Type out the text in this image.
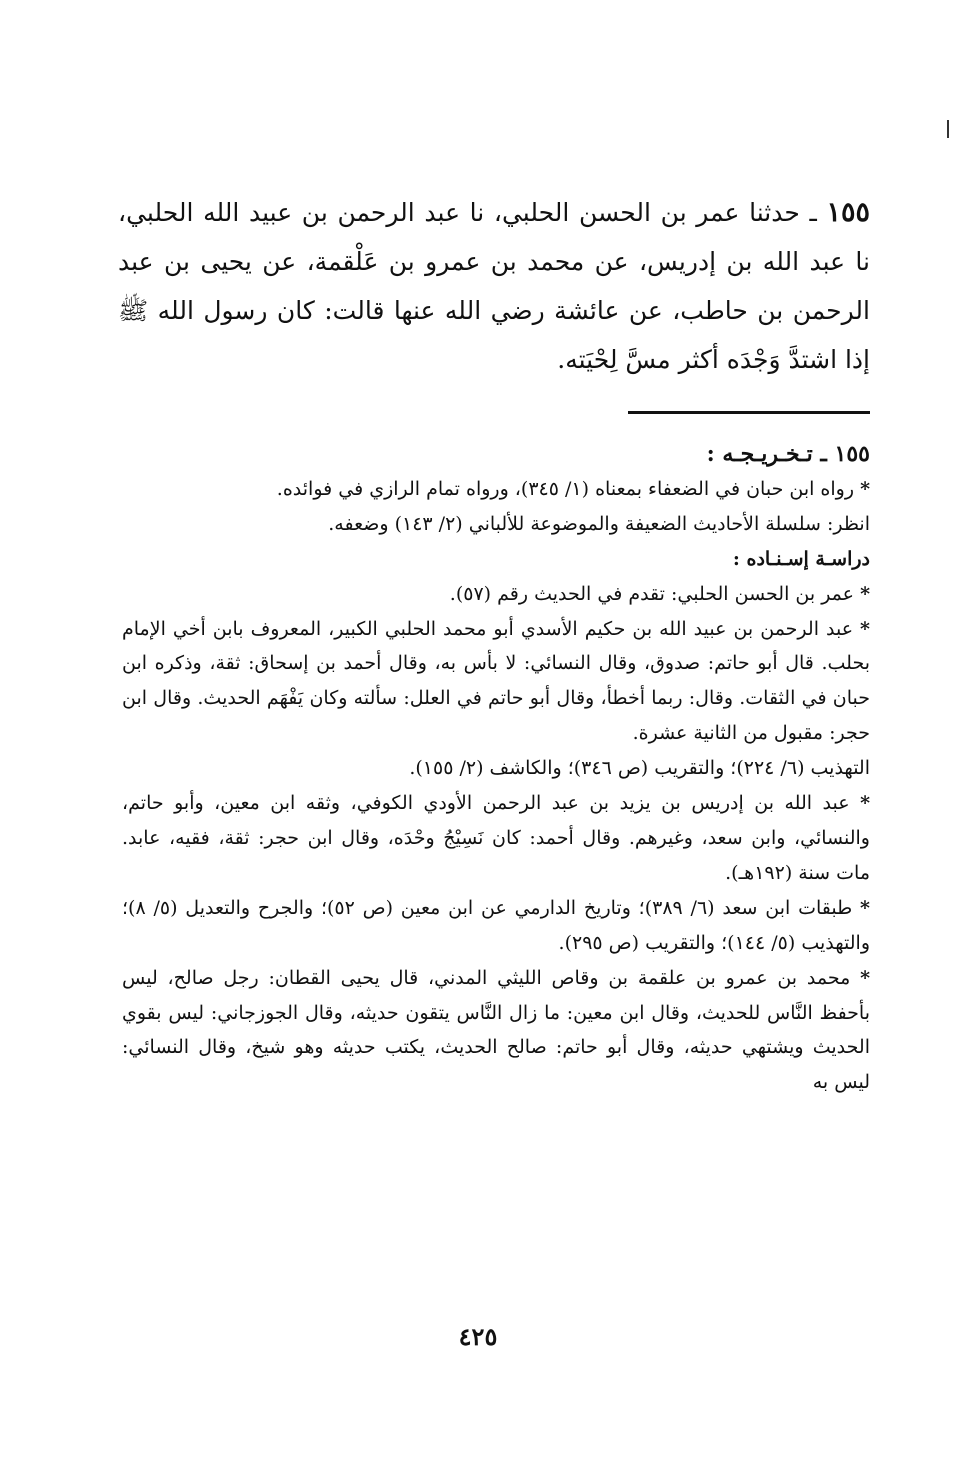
١٥٥ ـ حدثنا عمر بن الحسن الحلبي، نا عبد الرحمن بن عبيد الله الحلبي، نا عبد الله بن إدريس، عن محمد بن عمرو بن عَلْقمة، عن يحيى بن عبد الرحمن بن حاطب، عن عائشة رضي الله عنها قالت: كان رسول الله ﷺ إذا اشتدَّ وَجْدَه أكثر مسَّ لِحْيَته.

١٥٥ ـ تـخـريـجـه :

* رواه ابن حبان في الضعفاء بمعناه (١/ ٣٤٥)، ورواه تمام الرازي في فوائده.

انظر: سلسلة الأحاديث الضعيفة والموضوعة للألباني (٢/ ١٤٣) وضعفه.

دراسـة إسـنـاده :

* عمر بن الحسن الحلبي: تقدم في الحديث رقم (٥٧).

* عبد الرحمن بن عبيد الله بن حكيم الأسدي أبو محمد الحلبي الكبير، المعروف بابن أخي الإمام بحلب. قال أبو حاتم: صدوق، وقال النسائي: لا بأس به، وقال أحمد بن إسحاق: ثقة، وذكره ابن حبان في الثقات. وقال: ربما أخطأ، وقال أبو حاتم في العلل: سألته وكان يَفْهَم الحديث. وقال ابن حجر: مقبول من الثانية عشرة.

التهذيب (٦/ ٢٢٤)؛ والتقريب (ص ٣٤٦)؛ والكاشف (٢/ ١٥٥).

* عبد الله بن إدريس بن يزيد بن عبد الرحمن الأودي الكوفي، وثقه ابن معين، وأبو حاتم، والنسائي، وابن سعد، وغيرهم. وقال أحمد: كان نَسِيْجُ وحْدَه، وقال ابن حجر: ثقة، فقيه، عابد. مات سنة (١٩٢هـ).

* طبقات ابن سعد (٦/ ٣٨٩)؛ وتاريخ الدارمي عن ابن معين (ص ٥٢)؛ والجرح والتعديل (٥/ ٨)؛ والتهذيب (٥/ ١٤٤)؛ والتقريب (ص ٢٩٥).

* محمد بن عمرو بن علقمة بن وقاص الليثي المدني، قال يحيى القطان: رجل صالح، ليس بأحفظ النَّاس للحديث، وقال ابن معين: ما زال النَّاس يتقون حديثه، وقال الجوزجاني: ليس بقوي الحديث ويشتهي حديثه، وقال أبو حاتم: صالح الحديث، يكتب حديثه وهو شيخ، وقال النسائي: ليس به

٤٢٥
